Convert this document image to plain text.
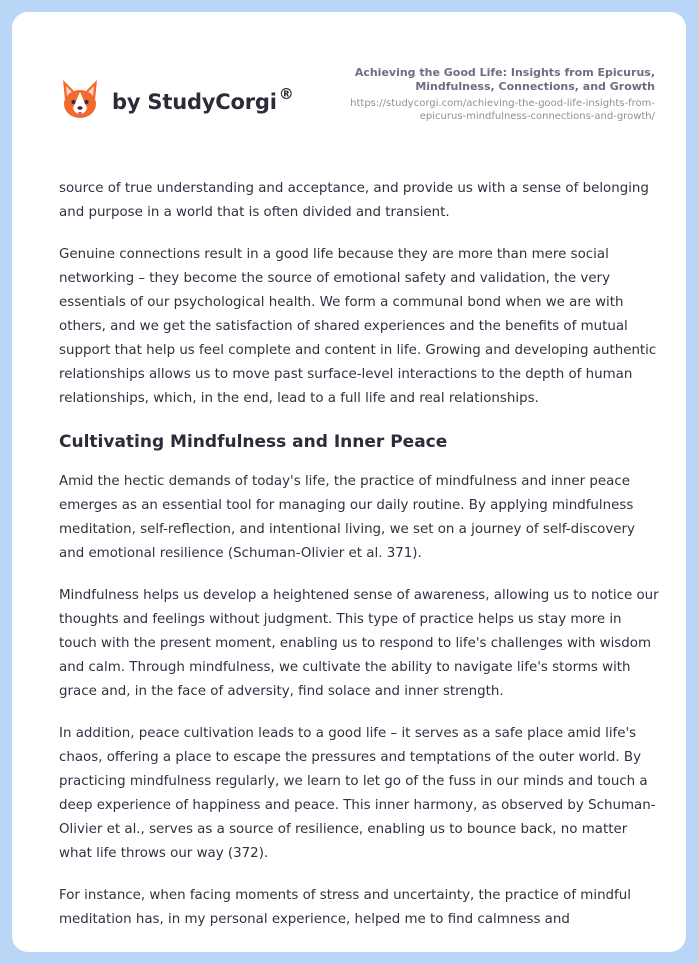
by StudyCorgi ®
Achieving the Good Life: Insights from Epicurus, Mindfulness, Connections, and Growth
https://studycorgi.com/achieving-the-good-life-insights-from-epicurus-mindfulness-connections-and-growth/

source of true understanding and acceptance, and provide us with a sense of belonging and purpose in a world that is often divided and transient.

Genuine connections result in a good life because they are more than mere social networking – they become the source of emotional safety and validation, the very essentials of our psychological health. We form a communal bond when we are with others, and we get the satisfaction of shared experiences and the benefits of mutual support that help us feel complete and content in life. Growing and developing authentic relationships allows us to move past surface-level interactions to the depth of human relationships, which, in the end, lead to a full life and real relationships.

Cultivating Mindfulness and Inner Peace

Amid the hectic demands of today's life, the practice of mindfulness and inner peace emerges as an essential tool for managing our daily routine. By applying mindfulness meditation, self-reflection, and intentional living, we set on a journey of self-discovery and emotional resilience (Schuman-Olivier et al. 371).

Mindfulness helps us develop a heightened sense of awareness, allowing us to notice our thoughts and feelings without judgment. This type of practice helps us stay more in touch with the present moment, enabling us to respond to life's challenges with wisdom and calm. Through mindfulness, we cultivate the ability to navigate life's storms with grace and, in the face of adversity, find solace and inner strength.

In addition, peace cultivation leads to a good life – it serves as a safe place amid life's chaos, offering a place to escape the pressures and temptations of the outer world. By practicing mindfulness regularly, we learn to let go of the fuss in our minds and touch a deep experience of happiness and peace. This inner harmony, as observed by Schuman-Olivier et al., serves as a source of resilience, enabling us to bounce back, no matter what life throws our way (372).

For instance, when facing moments of stress and uncertainty, the practice of mindful meditation has, in my personal experience, helped me to find calmness and
